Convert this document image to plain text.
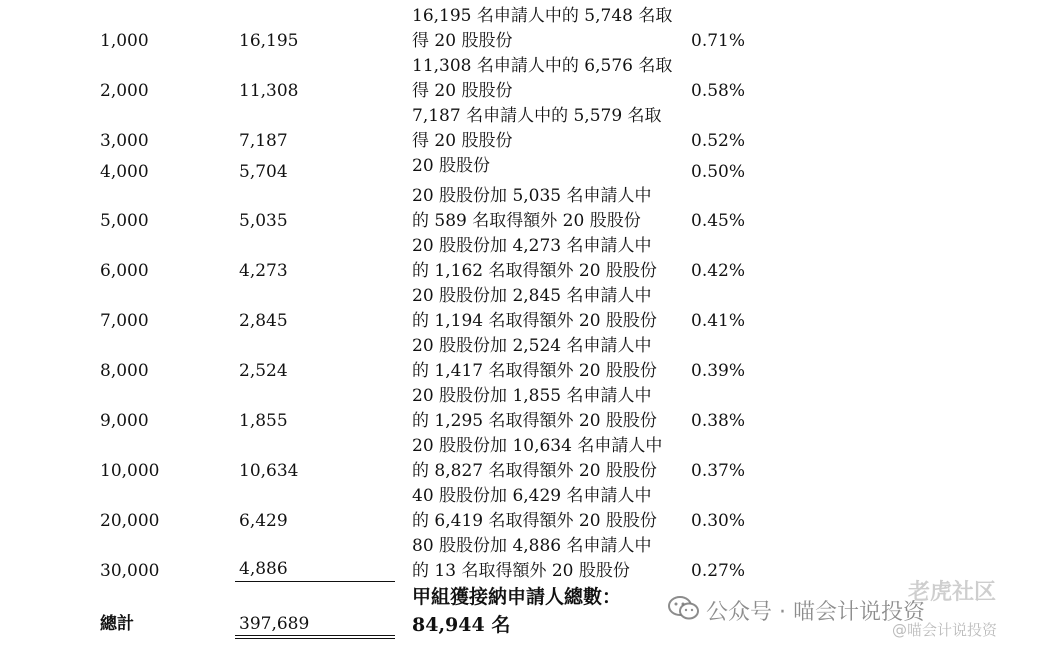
1,000	16,195
16,195 名申請人中的 5,748 名取
得 20 股股份	0.71%
2,000	11,308
11,308 名申請人中的 6,576 名取
得 20 股股份	0.58%
3,000	7,187
7,187 名申請人中的 5,579 名取
得 20 股股份	0.52%
4,000	5,704	20 股股份	0.50%
5,000	5,035
20 股股份加 5,035 名申請人中
的 589 名取得額外 20 股股份	0.45%
6,000	4,273
20 股股份加 4,273 名申請人中
的 1,162 名取得額外 20 股股份	0.42%
7,000	2,845
20 股股份加 2,845 名申請人中
的 1,194 名取得額外 20 股股份	0.41%
8,000	2,524
20 股股份加 2,524 名申請人中
的 1,417 名取得額外 20 股股份	0.39%
9,000	1,855
20 股股份加 1,855 名申請人中
的 1,295 名取得額外 20 股股份	0.38%
10,000	10,634
20 股股份加 10,634 名申請人中
的 8,827 名取得額外 20 股股份	0.37%
20,000	6,429
40 股股份加 6,429 名申請人中
的 6,419 名取得額外 20 股股份	0.30%
30,000	4,886
80 股股份加 4,886 名申請人中
的 13 名取得額外 20 股股份	0.27%
總計	397,689
甲組獲接納申請人總數：
84,944 名
老虎社区
公众号 · 喵会计说投资
@喵会计说投资
